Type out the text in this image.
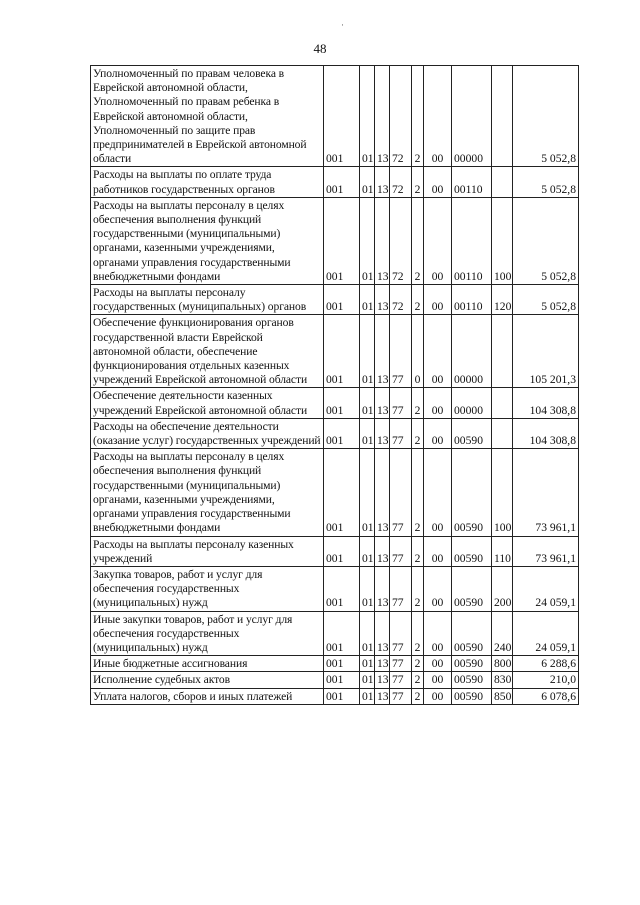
·
48
Уполномоченный по правам человека в Еврейской автономной области, Уполномоченный по правам ребенка в Еврейской автономной области, Уполномоченный по защите прав предпринимателей в Еврейской автономной области	001	01	13	72	2	00	00000		5 052,8
Расходы на выплаты по оплате труда работников государственных органов	001	01	13	72	2	00	00110		5 052,8
Расходы на выплаты персоналу в целях обеспечения выполнения функций государственными (муниципальными) органами, казенными учреждениями, органами управления государственными внебюджетными фондами	001	01	13	72	2	00	00110	100	5 052,8
Расходы на выплаты персоналу государственных (муниципальных) органов	001	01	13	72	2	00	00110	120	5 052,8
Обеспечение функционирования органов государственной власти Еврейской автономной области, обеспечение функционирования отдельных казенных учреждений Еврейской автономной области	001	01	13	77	0	00	00000		105 201,3
Обеспечение деятельности казенных учреждений Еврейской автономной области	001	01	13	77	2	00	00000		104 308,8
Расходы на обеспечение деятельности (оказание услуг) государственных учреждений	001	01	13	77	2	00	00590		104 308,8
Расходы на выплаты персоналу в целях обеспечения выполнения функций государственными (муниципальными) органами, казенными учреждениями, органами управления государственными внебюджетными фондами	001	01	13	77	2	00	00590	100	73 961,1
Расходы на выплаты персоналу казенных учреждений	001	01	13	77	2	00	00590	110	73 961,1
Закупка товаров, работ и услуг для обеспечения государственных (муниципальных) нужд	001	01	13	77	2	00	00590	200	24 059,1
Иные закупки товаров, работ и услуг для обеспечения государственных (муниципальных) нужд	001	01	13	77	2	00	00590	240	24 059,1
Иные бюджетные ассигнования	001	01	13	77	2	00	00590	800	6 288,6
Исполнение судебных актов	001	01	13	77	2	00	00590	830	210,0
Уплата налогов, сборов и иных платежей	001	01	13	77	2	00	00590	850	6 078,6
